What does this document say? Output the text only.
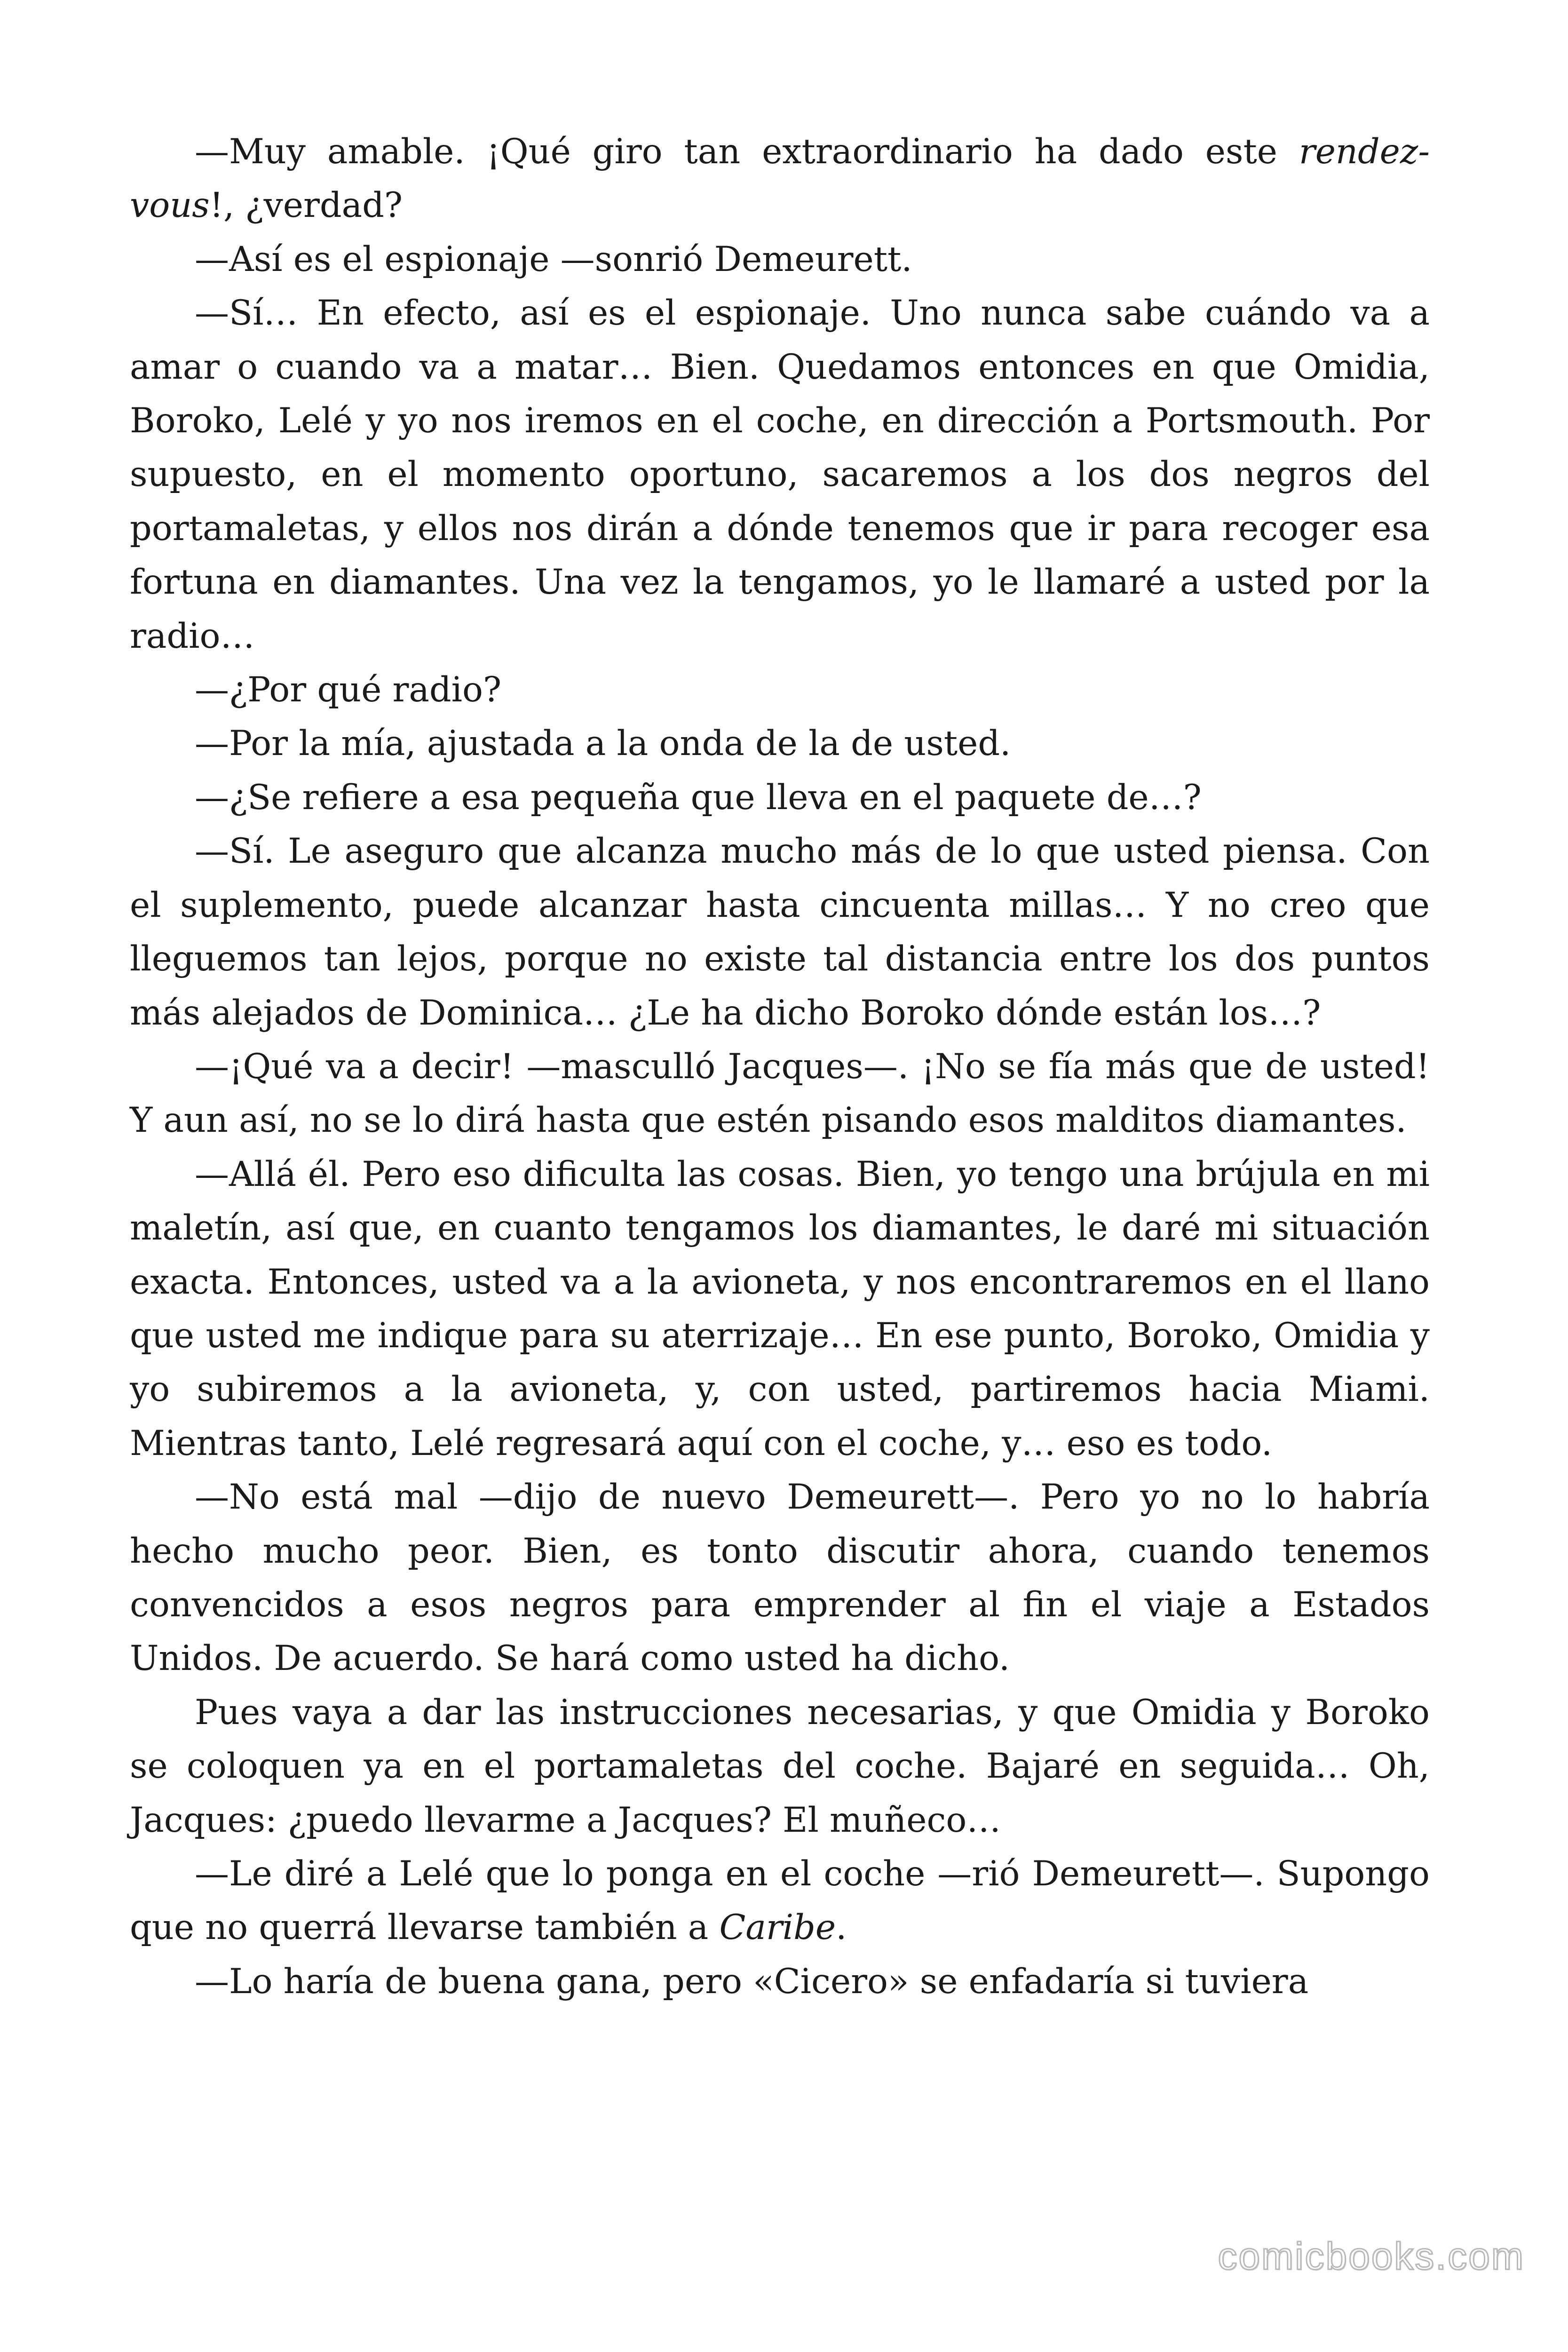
—Muy amable. ¡Qué giro tan extraordinario ha dado este rendez-vous!, ¿verdad?

—Así es el espionaje —sonrió Demeurett.

—Sí… En efecto, así es el espionaje. Uno nunca sabe cuándo va a amar o cuando va a matar… Bien. Quedamos entonces en que Omidia, Boroko, Lelé y yo nos iremos en el coche, en dirección a Portsmouth. Por supuesto, en el momento oportuno, sacaremos a los dos negros del portamaletas, y ellos nos dirán a dónde tenemos que ir para recoger esa fortuna en diamantes. Una vez la tengamos, yo le llamaré a usted por la radio…

—¿Por qué radio?

—Por la mía, ajustada a la onda de la de usted.

—¿Se refiere a esa pequeña que lleva en el paquete de…?

—Sí. Le aseguro que alcanza mucho más de lo que usted piensa. Con el suplemento, puede alcanzar hasta cincuenta millas… Y no creo que lleguemos tan lejos, porque no existe tal distancia entre los dos puntos más alejados de Dominica… ¿Le ha dicho Boroko dónde están los…?

—¡Qué va a decir! —masculló Jacques—. ¡No se fía más que de usted! Y aun así, no se lo dirá hasta que estén pisando esos malditos diamantes.

—Allá él. Pero eso dificulta las cosas. Bien, yo tengo una brújula en mi maletín, así que, en cuanto tengamos los diamantes, le daré mi situación exacta. Entonces, usted va a la avioneta, y nos encontraremos en el llano que usted me indique para su aterrizaje… En ese punto, Boroko, Omidia y yo subiremos a la avioneta, y, con usted, partiremos hacia Miami. Mientras tanto, Lelé regresará aquí con el coche, y… eso es todo.

—No está mal —dijo de nuevo Demeurett—. Pero yo no lo habría hecho mucho peor. Bien, es tonto discutir ahora, cuando tenemos convencidos a esos negros para emprender al fin el viaje a Estados Unidos. De acuerdo. Se hará como usted ha dicho.

Pues vaya a dar las instrucciones necesarias, y que Omidia y Boroko se coloquen ya en el portamaletas del coche. Bajaré en seguida… Oh, Jacques: ¿puedo llevarme a Jacques? El muñeco…

—Le diré a Lelé que lo ponga en el coche —rió Demeurett—. Supongo que no querrá llevarse también a Caribe.

—Lo haría de buena gana, pero «Cicero» se enfadaría si tuviera

comicbooks.com
